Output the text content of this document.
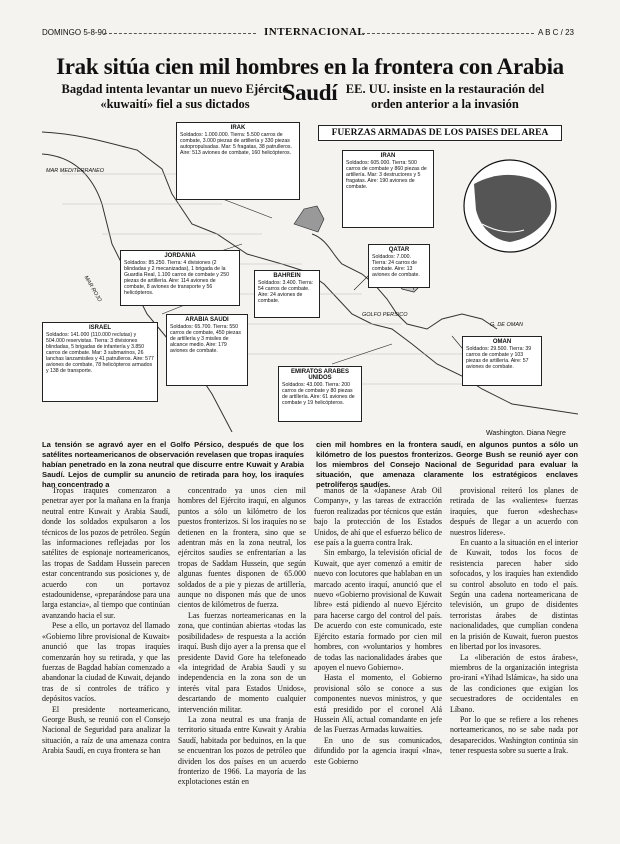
DOMINGO 5-8-90	INTERNACIONAL	A B C / 23
Irak sitúa cien mil hombres en la frontera con Arabia Saudí
Bagdad intenta levantar un nuevo Ejército «kuwaití» fiel a sus dictados
EE. UU. insiste en la restauración del orden anterior a la invasión
MAR MEDITERRANEO
MAR ROJO
GOLFO PERSICO
G. DE OMAN
IRAK
Soldados: 1.000.000. Tierra: 5.500 carros de combate, 3.000 piezas de artillería y 330 piezas autopropulsadas. Mar: 5 fragatas, 38 patrulleros. Aire: 513 aviones de combate, 160 helicópteros.	IRAN
Soldados: 605.000. Tierra: 500 carros de combate y 860 piezas de artillería. Mar: 3 destructores y 5 fragatas. Aire: 190 aviones de combate.
JORDANIA
Soldados: 85.250. Tierra: 4 divisiones (2 blindadas y 2 mecanizadas), 1 brigada de la Guardia Real, 1.100 carros de combate y 250 piezas de artillería. Aire: 114 aviones de combate, 8 aviones de transporte y 56 helicópteros.
QATAR
Soldados: 7.000. Tierra: 24 carros de combate. Aire: 13 aviones de combate.
BAHREIN
Soldados: 3.400. Tierra: 54 carros de combate. Aire: 24 aviones de combate.
ISRAEL
Soldados: 141.000 (110.000 reclutas) y 504.000 reservistas. Tierra: 3 divisiones blindadas, 5 brigadas de infantería y 3.850 carros de combate. Mar: 3 submarinos, 26 lanchas lanzamisiles y 41 patrulleros. Aire: 577 aviones de combate, 78 helicópteros armados y 138 de transporte.
ARABIA SAUDI
Soldados: 65.700. Tierra: 550 carros de combate, 450 piezas de artillería y 3 misiles de alcance medio. Aire: 179 aviones de combate.
EMIRATOS ARABES UNIDOS
Soldados: 43.000. Tierra: 200 carros de combate y 80 piezas de artillería. Aire: 61 aviones de combate y 19 helicópteros.
OMAN
Soldados: 29.500. Tierra: 39 carros de combate y 103 piezas de artillería. Aire: 57 aviones de combate.
FUERZAS ARMADAS DE LOS PAISES DEL AREA
Washington. Diana Negre
La tensión se agravó ayer en el Golfo Pérsico, después de que los satélites norteamericanos de observación revelasen que tropas iraquíes habían penetrado en la zona neutral que discurre entre Kuwait y Arabia Saudí. Lejos de cumplir su anuncio de retirada para hoy, los iraquíes han concentrado a
cien mil hombres en la frontera saudí, en algunos puntos a sólo un kilómetro de los puestos fronterizos. George Bush se reunió ayer con los miembros del Consejo Nacional de Seguridad para evaluar la situación, que amenaza claramente los estratégicos enclaves petrolíferos saudíes.

Tropas iraquíes comenzaron a penetrar ayer por la mañana en la franja neutral entre Kuwait y Arabia Saudí, donde los soldados expulsaron a los técnicos de los pozos de petróleo. Según las informaciones reflejadas por los satélites de espionaje norteamericanos, las tropas de Saddam Hussein parecen estar concentrando sus posiciones y, de acuerdo con un portavoz estadounidense, «preparándose para una larga estancia», al tiempo que continúan avanzando hacia el sur.

Pese a ello, un portavoz del llamado «Gobierno libre provisional de Kuwait» anunció que las tropas iraquíes comenzarán hoy su retirada, y que las fuerzas de Bagdad habían comenzado a abandonar la ciudad de Kuwait, dejando tras de sí controles de tráfico y depósitos vacíos.

El presidente norteamericano, George Bush, se reunió con el Consejo Nacional de Seguridad para analizar la situación, a raíz de una amenaza contra Arabia Saudí, en cuya frontera se han

concentrado ya unos cien mil hombres del Ejército iraquí, en algunos puntos a sólo un kilómetro de los puestos fronterizos. Si los iraquíes no se detienen en la frontera, sino que se adentran más en la zona neutral, los ejércitos saudíes se enfrentarían a las tropas de Saddam Hussein, que según algunas fuentes disponen de 65.000 soldados de a pie y piezas de artillería, aunque no disponen más que de unos cientos de kilómetros de fuerza.

Las fuerzas norteamericanas en la zona, que continúan abiertas «todas las posibilidades» de respuesta a la acción iraquí. Bush dijo ayer a la prensa que el presidente David Gore ha telefoneado «la integridad de Arabia Saudí y su independencia en la zona son de un interés vital para Estados Unidos», descartando de momento cualquier intervención militar.

La zona neutral es una franja de territorio situada entre Kuwait y Arabia Saudí, habitada por beduinos, en la que se encuentran los pozos de petróleo que dividen los dos países en un acuerdo fronterizo de 1966. La mayoría de las explotaciones están en

manos de la «Japanese Arab Oil Company», y las tareas de extracción fueron realizadas por técnicos que están bajo la protección de los Estados Unidos, de ahí que el esfuerzo bélico de ese país a la guerra contra Irak.

Sin embargo, la televisión oficial de Kuwait, que ayer comenzó a emitir de nuevo con locutores que hablaban en un marcado acento iraquí, anunció que el nuevo «Gobierno provisional de Kuwait libre» está pidiendo al nuevo Ejército para hacerse cargo del control del país. De acuerdo con este comunicado, este Ejército estaría formado por cien mil hombres, con «voluntarios y hombres de todas las nacionalidades árabes que apoyen el nuevo Gobierno».

Hasta el momento, el Gobierno provisional sólo se conoce a sus componentes nuevos ministros, y que está presidido por el coronel Alá Hussein Alí, actual comandante en jefe de las Fuerzas Armadas kuwaitíes.

En uno de sus comunicados, difundido por la agencia iraquí «Ina», este Gobierno

provisional reiteró los planes de retirada de las «valientes» fuerzas iraquíes, que fueron «deshechas» después de llegar a un acuerdo con nuestros líderes».

En cuanto a la situación en el interior de Kuwait, todos los focos de resistencia parecen haber sido sofocados, y los iraquíes han extendido su control absoluto en todo el país. Según una cadena norteamericana de televisión, un grupo de disidentes terroristas árabes de distintas nacionalidades, que cumplían condena en la prisión de Kuwait, fueron puestos en libertad por los invasores.

La «liberación de estos árabes», miembros de la organización integrista pro-iraní «Yihad Islámica», ha sido una de las condiciones que exigían los secuestradores de occidentales en Líbano.

Por lo que se refiere a los rehenes norteamericanos, no se sabe nada por desaparecidos. Washington continúa sin tener respuesta sobre su suerte a Irak.
